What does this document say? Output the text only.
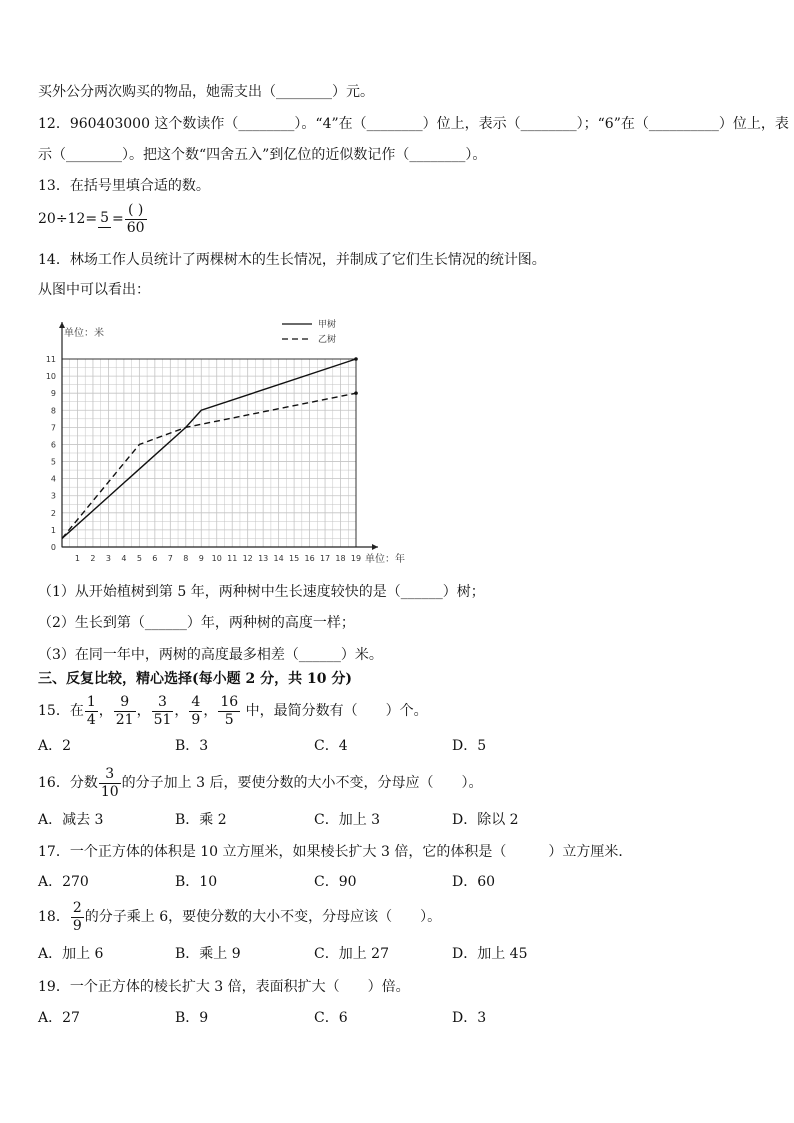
买外公分两次购买的物品，她需支出（________）元。
12．960403000 这个数读作（________）。“4”在（________）位上，表示（________）；“6”在（__________）位上，表
示（________）。把这个数“四舍五入”到亿位的近似数记作（________）。
13．在括号里填合适的数。
$20\div 12= 5 = \frac{( )}{60}$
14．林场工作人员统计了两棵树木的生长情况，并制成了它们生长情况的统计图。
从图中可以看出：
1 2 3 4 5 6 7 8 9 10 11 12 13 14 15 16 17 18 19
0
1
2
3
4
5
6
7
8
9
10
11
甲树
乙树
单位：米
单位：年
（1）从开始植树到第 5 年，两种树中生长速度较快的是（______）树；
（2）生长到第（______）年，两种树的高度一样；
（3）在同一年中，两树的高度最多相差（______）米。
三、反复比较，精心选择(每小题 2 分，共 10 分)
15．在 $\frac{1}{4}$ ， $\frac{9}{21}$ ， $\frac{3}{51}$ ， $\frac{4}{9}$ ， $\frac{16}{5}$ 中，最简分数有（　　）个。
A．2	B．3	C．4	D．5
16．分数 $\frac{3}{10}$ 的分子加上 3 后，要使分数的大小不变，分母应（　　）。
A．减去 3	B．乘 2	C．加上 3	D．除以 2
17．一个正方体的体积是 10 立方厘米，如果棱长扩大 3 倍，它的体积是（　　　）立方厘米．
A．270	B．10	C．90	D．60
18． $\frac{2}{9}$ 的分子乘上 6，要使分数的大小不变，分母应该（　　）。
A．加上 6	B．乘上 9	C．加上 27	D．加上 45
19．一个正方体的棱长扩大 3 倍，表面积扩大（　　）倍。
A．27	B．9	C．6	D．3
